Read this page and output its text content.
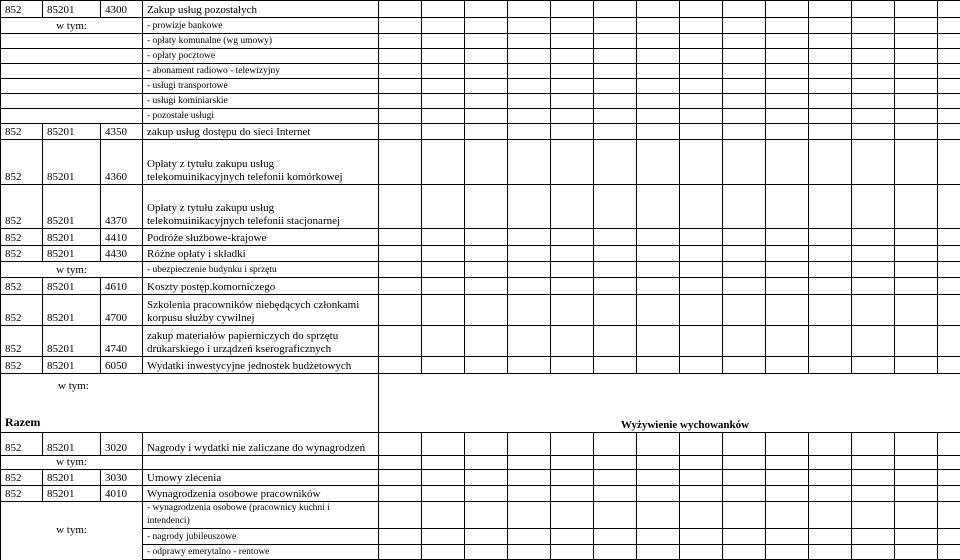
852	85201	4300	Zakup usług pozostałych														
w tym:			- prowizje bankowe														
			- opłaty komunalne (wg umowy)														
			- opłaty pocztowe														
			- abonament radiowo - telewizyjny														
			- usługi transportowe														
			- usługi kominiarskie														
			- pozostałe usługi														
852	85201	4350	zakup usług dostępu do sieci Internet														
852	85201	4360	Opłaty z tytułu zakupu usług telekomuinikacyjnych telefonii komórkowej														
852	85201	4370	Opłaty z tytułu zakupu usług telekomuinikacyjnych telefonii stacjonarnej														
852	85201	4410	Podróże służbowe-krajowe														
852	85201	4430	Różne opłaty i składki														
w tym:			- ubezpieczenie budynku i sprzętu														
852	85201	4610	Koszty postęp.komorniczego														
852	85201	4700	Szkolenia pracowników niebędących członkami korpusu służby cywilnej														
852	85201	4740	zakup materiałów papierniczych do sprzętu drukarskiego i urządzeń kserograficznych														
852	85201	6050	Wydatki inwestycyjne jednostek budżetowych														

w tym:
Razem				Wyżywienie wychowanków													
852	85201	3020	Nagrody i wydatki nie zaliczane do wynagrodzeń														
w tym:																	
852	85201	3030	Umowy zlecenia														
852	85201	4010	Wynagrodzenia osobowe pracowników														
w tym:			- wynagrodzenia osobowe (pracownicy kuchni i intendenci)														
			- nagrody jubileuszowe														
			- odprawy emerytalno - rentowe														
